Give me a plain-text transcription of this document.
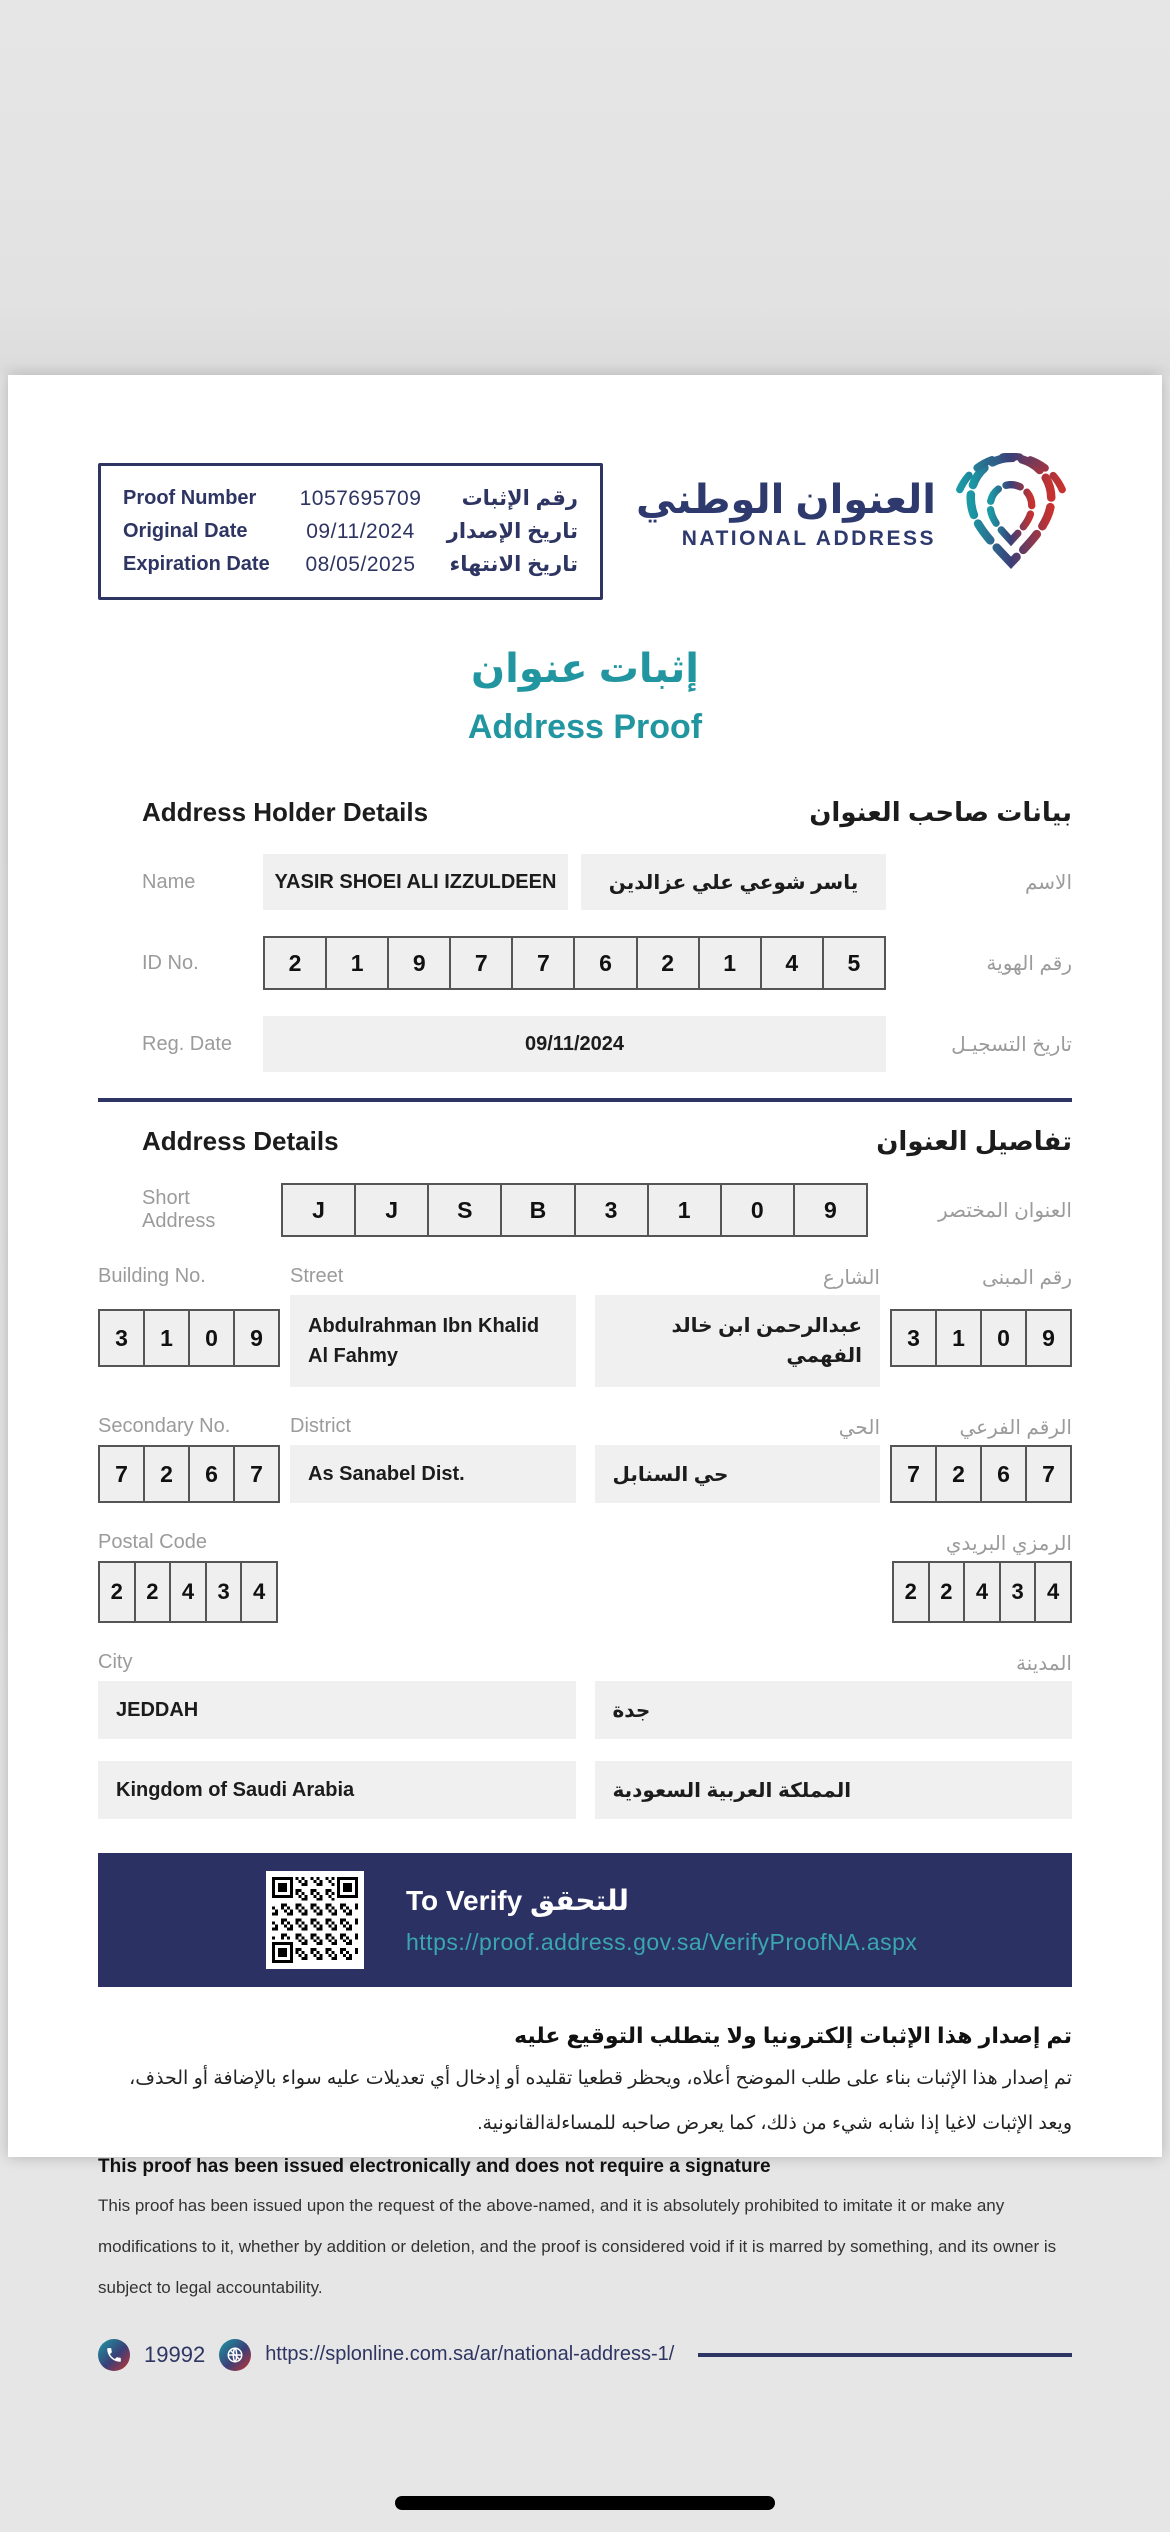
Proof Number	1057695709	رقم الإثبات
Original Date	09/11/2024	تاريخ الإصدار
Expiration Date	08/05/2025	تاريخ الانتهاء
العنوان الوطني
NATIONAL ADDRESS
إثبات عنوان
Address Proof
Address Holder Details	بيانات صاحب العنوان
Name	YASIR SHOEI ALI IZZULDEEN	ياسر شوعي علي عزالدين	الاسم
ID No.	2	1	9	7	7	6	2	1	4	5	رقم الهوية
Reg. Date	09/11/2024	تاريخ التسجيـل
Address Details	تفاصيل العنوان
Short Address	J	J	S	B	3	1	0	9	العنوان المختصر
Building No.
3	1	0	9
Street
Abdulrahman Ibn Khalid Al Fahmy
الشارع
عبدالرحمن ابن خالد الفهمي
رقم المبنى
3	1	0	9
Secondary No.
7	2	6	7
District
As Sanabel Dist.
الحي
حي السنابل
الرقم الفرعي
7	2	6	7
Postal Code
2	2	4	3	4
الرمزي البريدي
2	2	4	3	4
City
JEDDAH
المدينة
جدة
Kingdom of Saudi Arabia	المملكة العربية السعودية
To Verify للتحقق
https://proof.address.gov.sa/VerifyProofNA.aspx
تم إصدار هذا الإثبات إلكترونيا ولا يتطلب التوقيع عليه
تم إصدار هذا الإثبات بناء على طلب الموضح أعلاه، ويحظر قطعيا تقليده أو إدخال أي تعديلات عليه سواء بالإضافة أو الحذف، ويعد الإثبات لاغيا إذا شابه شيء من ذلك، كما يعرض صاحبه للمساءلةالقانونية.
This proof has been issued electronically and does not require a signature
This proof has been issued upon the request of the above-named, and it is absolutely prohibited to imitate it or make any modifications to it, whether by addition or deletion, and the proof is considered void if it is marred by something, and its owner is subject to legal accountability.
19992	https://splonline.com.sa/ar/national-address-1/
